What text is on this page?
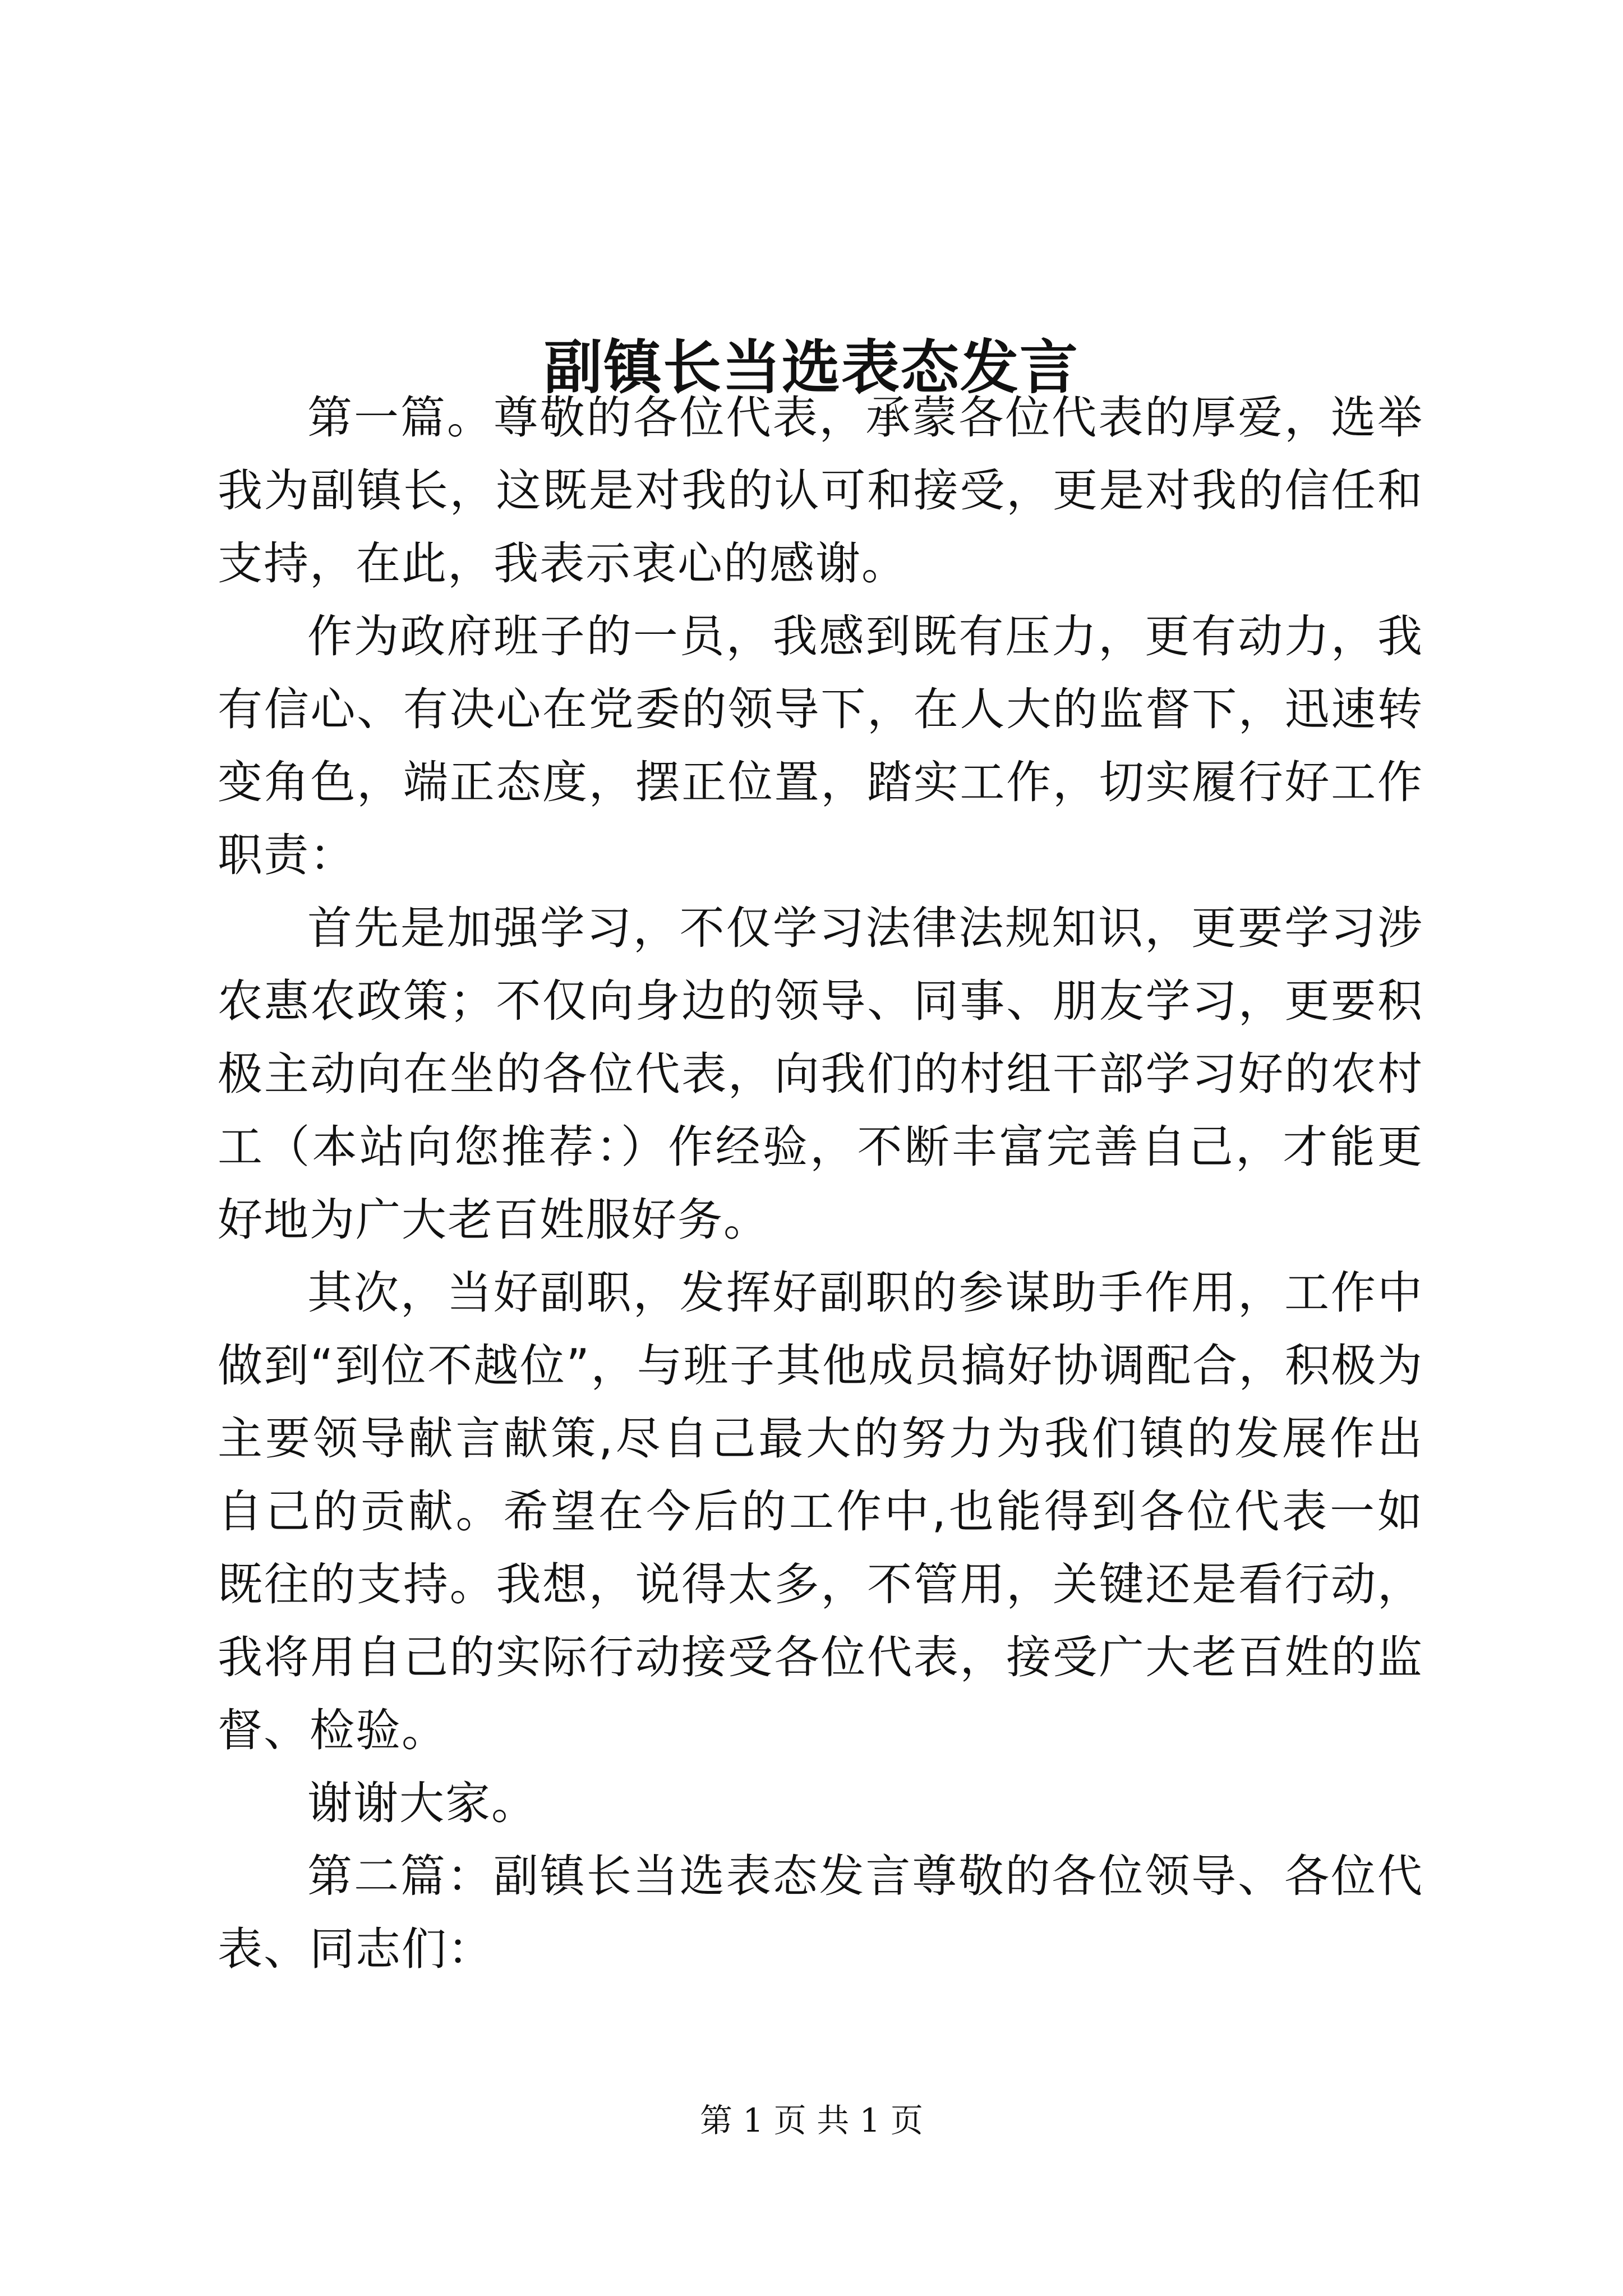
副镇长当选表态发言

第一篇。尊敬的各位代表，承蒙各位代表的厚爱，选举我为副镇长，这既是对我的认可和接受，更是对我的信任和支持，在此，我表示衷心的感谢。

作为政府班子的一员，我感到既有压力，更有动力，我有信心、有决心在党委的领导下，在人大的监督下，迅速转变角色，端正态度，摆正位置，踏实工作，切实履行好工作职责：

首先是加强学习，不仅学习法律法规知识，更要学习涉农惠农政策；不仅向身边的领导、同事、朋友学习，更要积极主动向在坐的各位代表，向我们的村组干部学习好的农村工（本站向您推荐：）作经验，不断丰富完善自己，才能更好地为广大老百姓服好务。

其次，当好副职，发挥好副职的参谋助手作用，工作中做到“到位不越位”，与班子其他成员搞好协调配合，积极为主要领导献言献策,尽自己最大的努力为我们镇的发展作出自己的贡献。希望在今后的工作中,也能得到各位代表一如既往的支持。我想，说得太多，不管用，关键还是看行动，我将用自己的实际行动接受各位代表，接受广大老百姓的监督、检验。

谢谢大家。

第二篇：副镇长当选表态发言尊敬的各位领导、各位代表、同志们：

第 1 页 共 1 页
